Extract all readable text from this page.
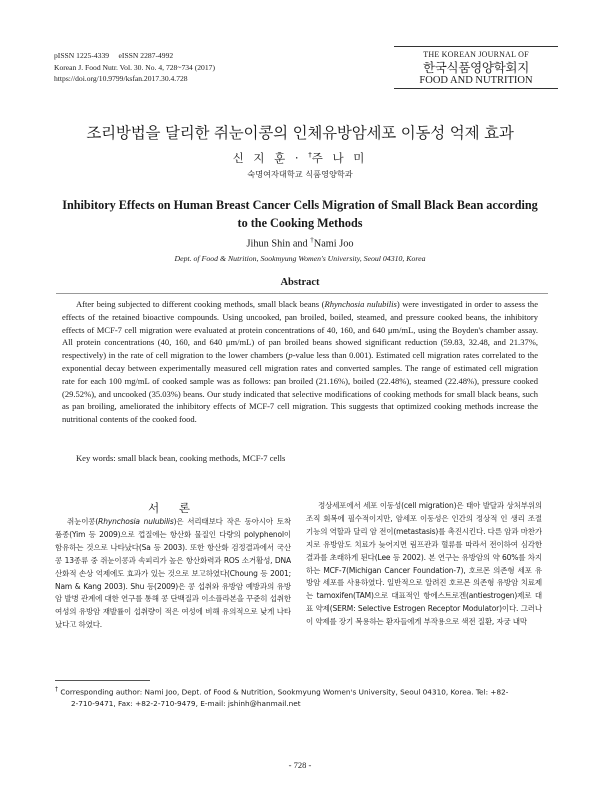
pISSN 1225-4339     eISSN 2287-4992
Korean J. Food Nutr. Vol. 30. No. 4, 728~734 (2017)
https://doi.org/10.9799/ksfan.2017.30.4.728
THE KOREAN JOURNAL OF
한국식품영양학회지
FOOD AND NUTRITION
조리방법을 달리한 쥐눈이콩의 인체유방암세포 이동성 억제 효과
신 지 훈 · †주 나 미
숙명여자대학교 식품영양학과
Inhibitory Effects on Human Breast Cancer Cells Migration of Small Black Bean according to the Cooking Methods
Jihun Shin and †Nami Joo
Dept. of Food & Nutrition, Sookmyung Women's University, Seoul 04310, Korea
Abstract
After being subjected to different cooking methods, small black beans (Rhynchosia nulubilis) were investigated in order to assess the effects of the retained bioactive compounds. Using uncooked, pan broiled, boiled, steamed, and pressure cooked beans, the inhibitory effects of MCF-7 cell migration were evaluated at protein concentrations of 40, 160, and 640 μm/mL, using the Boyden's chamber assay. All protein concentrations (40, 160, and 640 μm/mL) of pan broiled beans showed significant reduction (59.83, 32.48, and 21.37%, respectively) in the rate of cell migration to the lower chambers (p-value less than 0.001). Estimated cell migration rates correlated to the exponential decay between experimentally measured cell migration rates and converted samples. The range of estimated cell migration rate for each 100 mg/mL of cooked sample was as follows: pan broiled (21.16%), boiled (22.48%), steamed (22.48%), pressure cooked (29.52%), and uncooked (35.03%) beans. Our study indicated that selective modifications of cooking methods for small black beans, such as pan broiling, ameliorated the inhibitory effects of MCF-7 cell migration. This suggests that optimized cooking methods increase the nutritional contents of the cooked food.
Key words: small black bean, cooking methods, MCF-7 cells
서 론
쥐눈이콩(Rhynchosia nulubilis)은 서리태보다 작은 동아시아 토착 품종(Yim 등 2009)으로 껍질에는 항산화 물질인 다량의 polyphenol이 함유하는 것으로 나타났다(Sa 등 2003). 또한 항산화 검정결과에서 국산 콩 13종류 중 쥐눈이콩과 속피리가 높은 항산화력과 ROS 소거활성, DNA 산화적 손상 억제에도 효과가 있는 것으로 보고하였다(Choung 등 2001; Nam & Kang 2003). Shu 등(2009)은 콩 섭취와 유방암 예방과의 유방암 발병 관계에 대한 연구를 통해 콩 단백질과 이소플라본을 꾸준히 섭취한 여성의 유방암 재발률이 섭취량이 적은 여성에 비해 유의적으로 낮게 나타났다고 하였다.
정상세포에서 세포 이동성(cell migration)은 태아 발달과 상처부위의 조직 회복에 필수적이지만, 암세포 이동성은 인간의 정상적 인 생리 조절 기능의 역할과 달리 암 전이(metastasis)를 촉진시킨다. 다른 암과 마찬가지로 유방암도 치료가 늦어지면 림프관과 혈류를 따라서 전이하여 심각한 결과를 초래하게 된다(Lee 등 2002). 본 연구는 유방암의 약 60%를 차지하는 MCF-7(Michigan Cancer Foundation-7), 호르몬 의존형 세포 유방암 세포를 사용하였다. 일반적으로 알려진 호르몬 의존형 유방암 치료제는 tamoxifen(TAM)으로 대표적인 항에스트로겐(antiestrogen)제로 대표 약제(SERM: Selective Estrogen Receptor Modulator)이다. 그러나 이 약제를 장기 복용하는 환자들에게 부작용으로 색전 질환, 자궁 내막
† Corresponding author: Nami Joo, Dept. of Food & Nutrition, Sookmyung Women's University, Seoul 04310, Korea. Tel: +82-
2-710-9471, Fax: +82-2-710-9479, E-mail: jshinh@hanmail.net
- 728 -
